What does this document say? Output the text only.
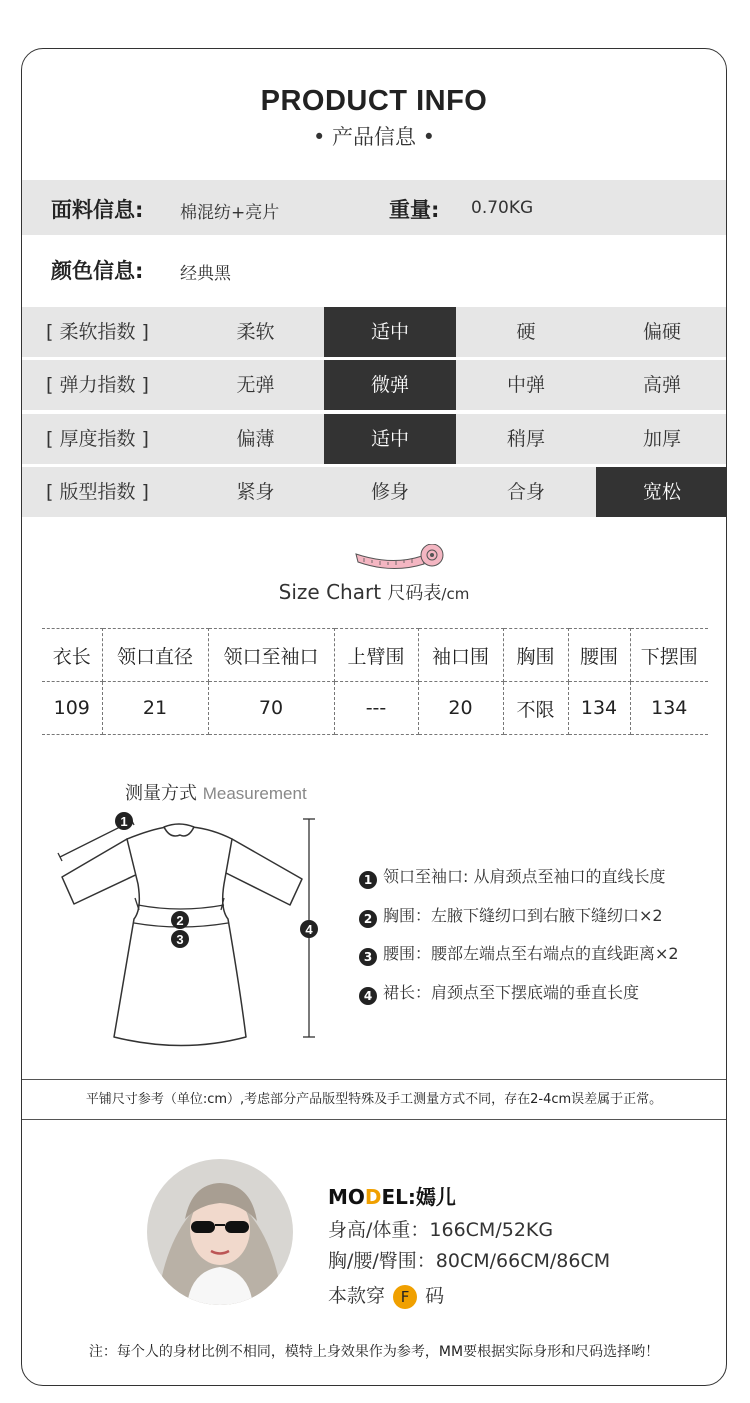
PRODUCT INFO
• 产品信息 •
面料信息: 棉混纺+亮片	重量: 0.70KG
颜色信息: 经典黑
[ 柔软指数 ]	柔软	适中	硬	偏硬
[ 弹力指数 ]	无弹	微弹	中弹	高弹
[ 厚度指数 ]	偏薄	适中	稍厚	加厚
[ 版型指数 ]	紧身	修身	合身	宽松
Size Chart 尺码表/cm
衣长	领口直径	领口至袖口	上臂围	袖口围	胸围	腰围	下摆围
109	21	70	---	20	不限	134	134
测量方式 Measurement
1
2
3
4
1 领口至袖口: 从肩颈点至袖口的直线长度
2 胸围：左腋下缝纫口到右腋下缝纫口×2
3 腰围：腰部左端点至右端点的直线距离×2
4 裙长：肩颈点至下摆底端的垂直长度
平铺尺寸参考（单位:cm）,考虑部分产品版型特殊及手工测量方式不同，存在2-4cm误差属于正常。
MODEL:嫣儿
身高/体重：166CM/52KG
胸/腰/臀围：80CM/66CM/86CM
本款穿 F 码
注：每个人的身材比例不相同，模特上身效果作为参考，MM要根据实际身形和尺码选择哟！
